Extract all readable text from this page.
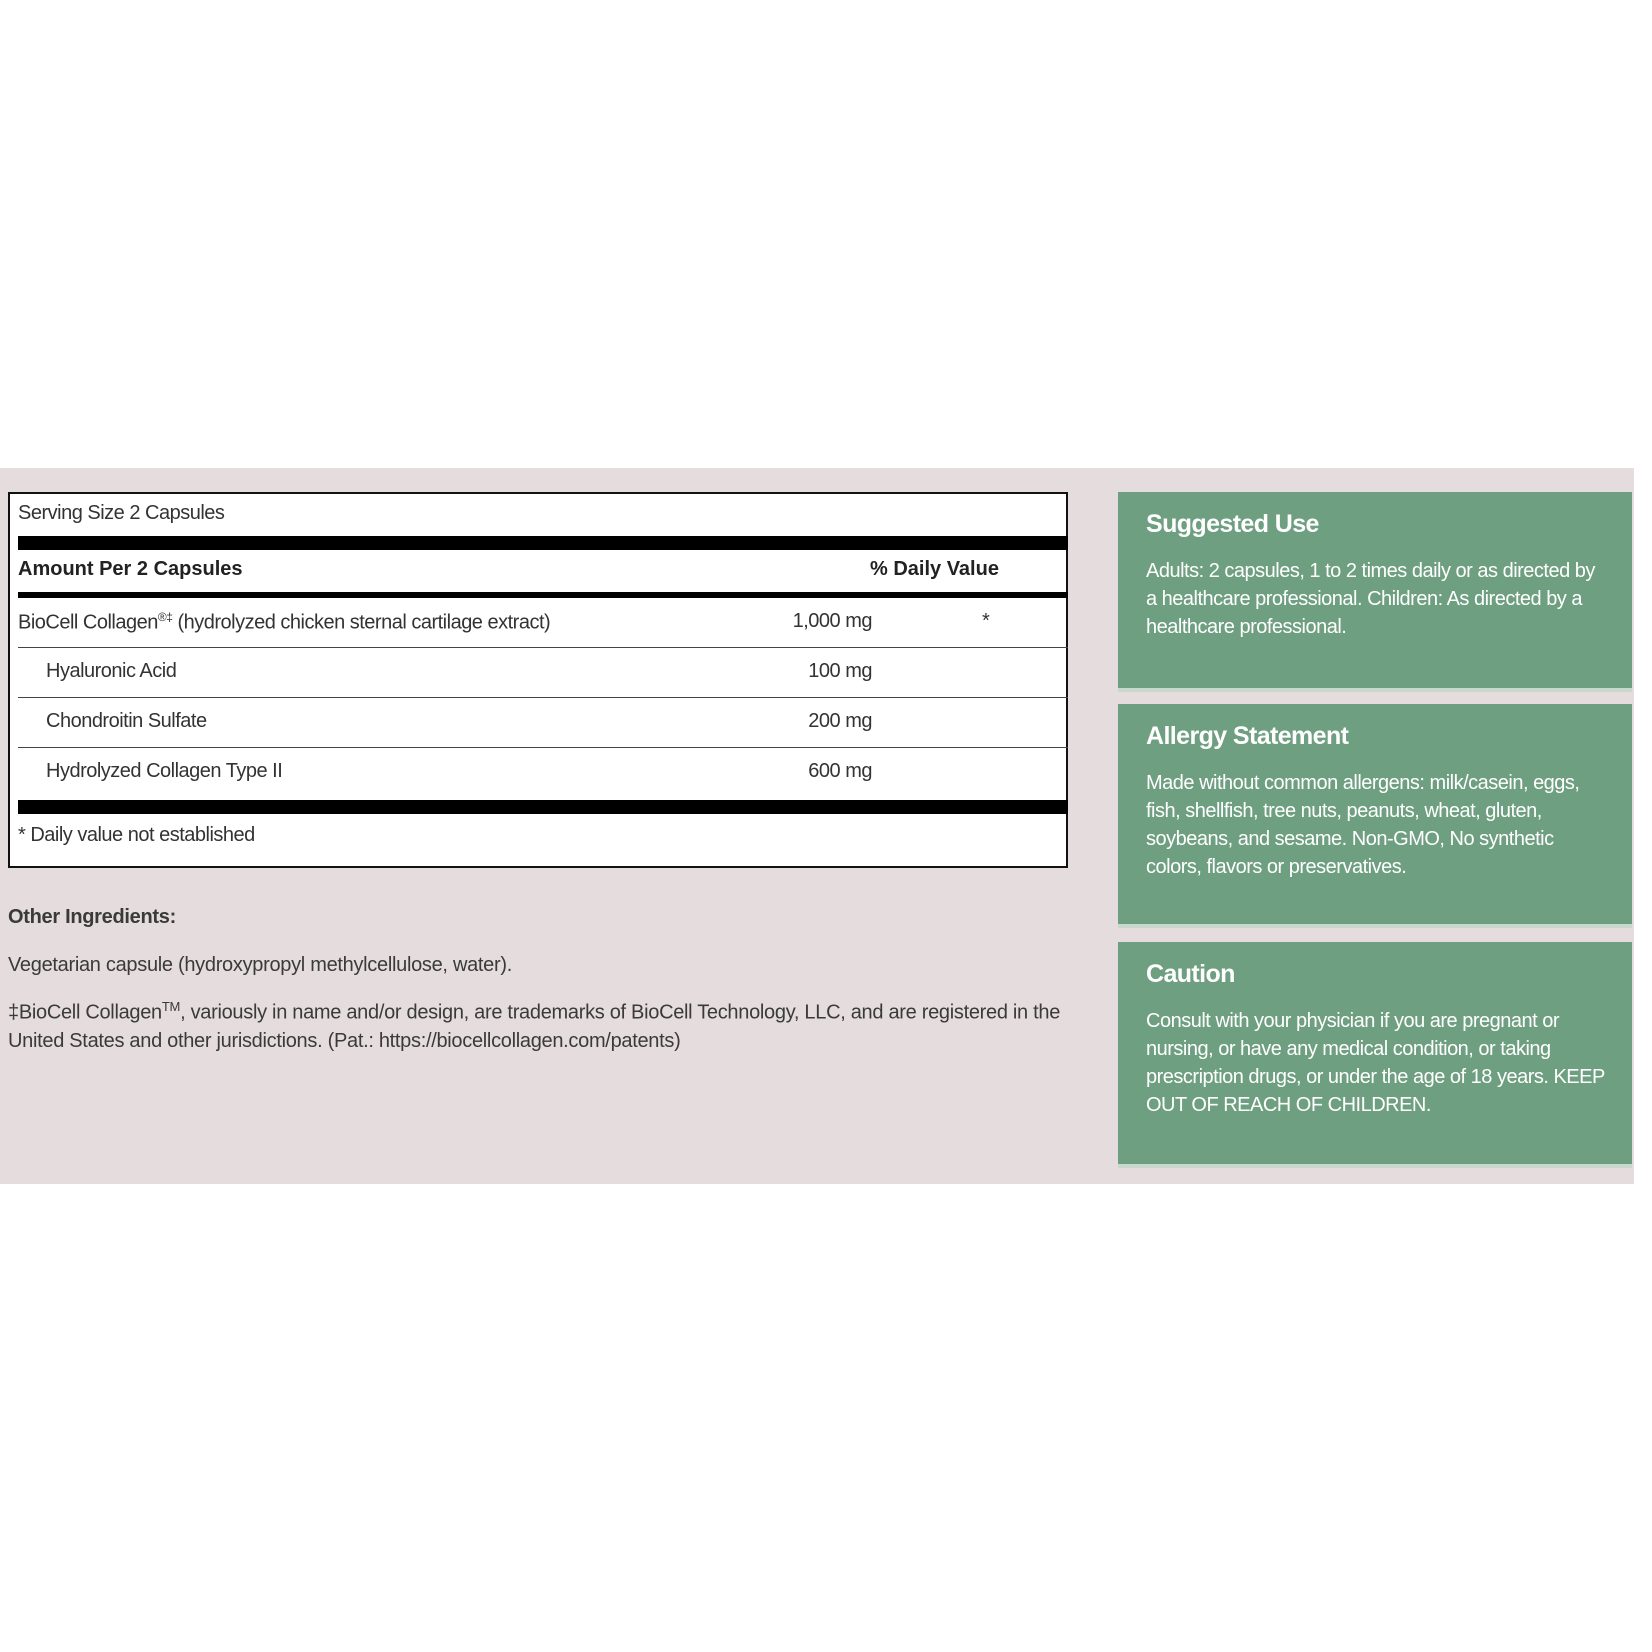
Serving Size 2 Capsules
Amount Per 2 Capsules	% Daily Value
BioCell Collagen®‡ (hydrolyzed chicken sternal cartilage extract)	1,000 mg	*
Hyaluronic Acid	100 mg
Chondroitin Sulfate	200 mg
Hydrolyzed Collagen Type II	600 mg
* Daily value not established
Other Ingredients:

Vegetarian capsule (hydroxypropyl methylcellulose, water).

‡BioCell Collagen™, variously in name and/or design, are trademarks of BioCell Technology, LLC, and are registered in the United States and other jurisdictions. (Pat.: https://biocellcollagen.com/patents)

Suggested Use

Adults: 2 capsules, 1 to 2 times daily or as directed by a healthcare professional. Children: As directed by a healthcare professional.

Allergy Statement

Made without common allergens: milk/casein, eggs, fish, shellfish, tree nuts, peanuts, wheat, gluten, soybeans, and sesame. Non-GMO, No synthetic colors, flavors or preservatives.

Caution

Consult with your physician if you are pregnant or nursing, or have any medical condition, or taking prescription drugs, or under the age of 18 years. KEEP OUT OF REACH OF CHILDREN.
